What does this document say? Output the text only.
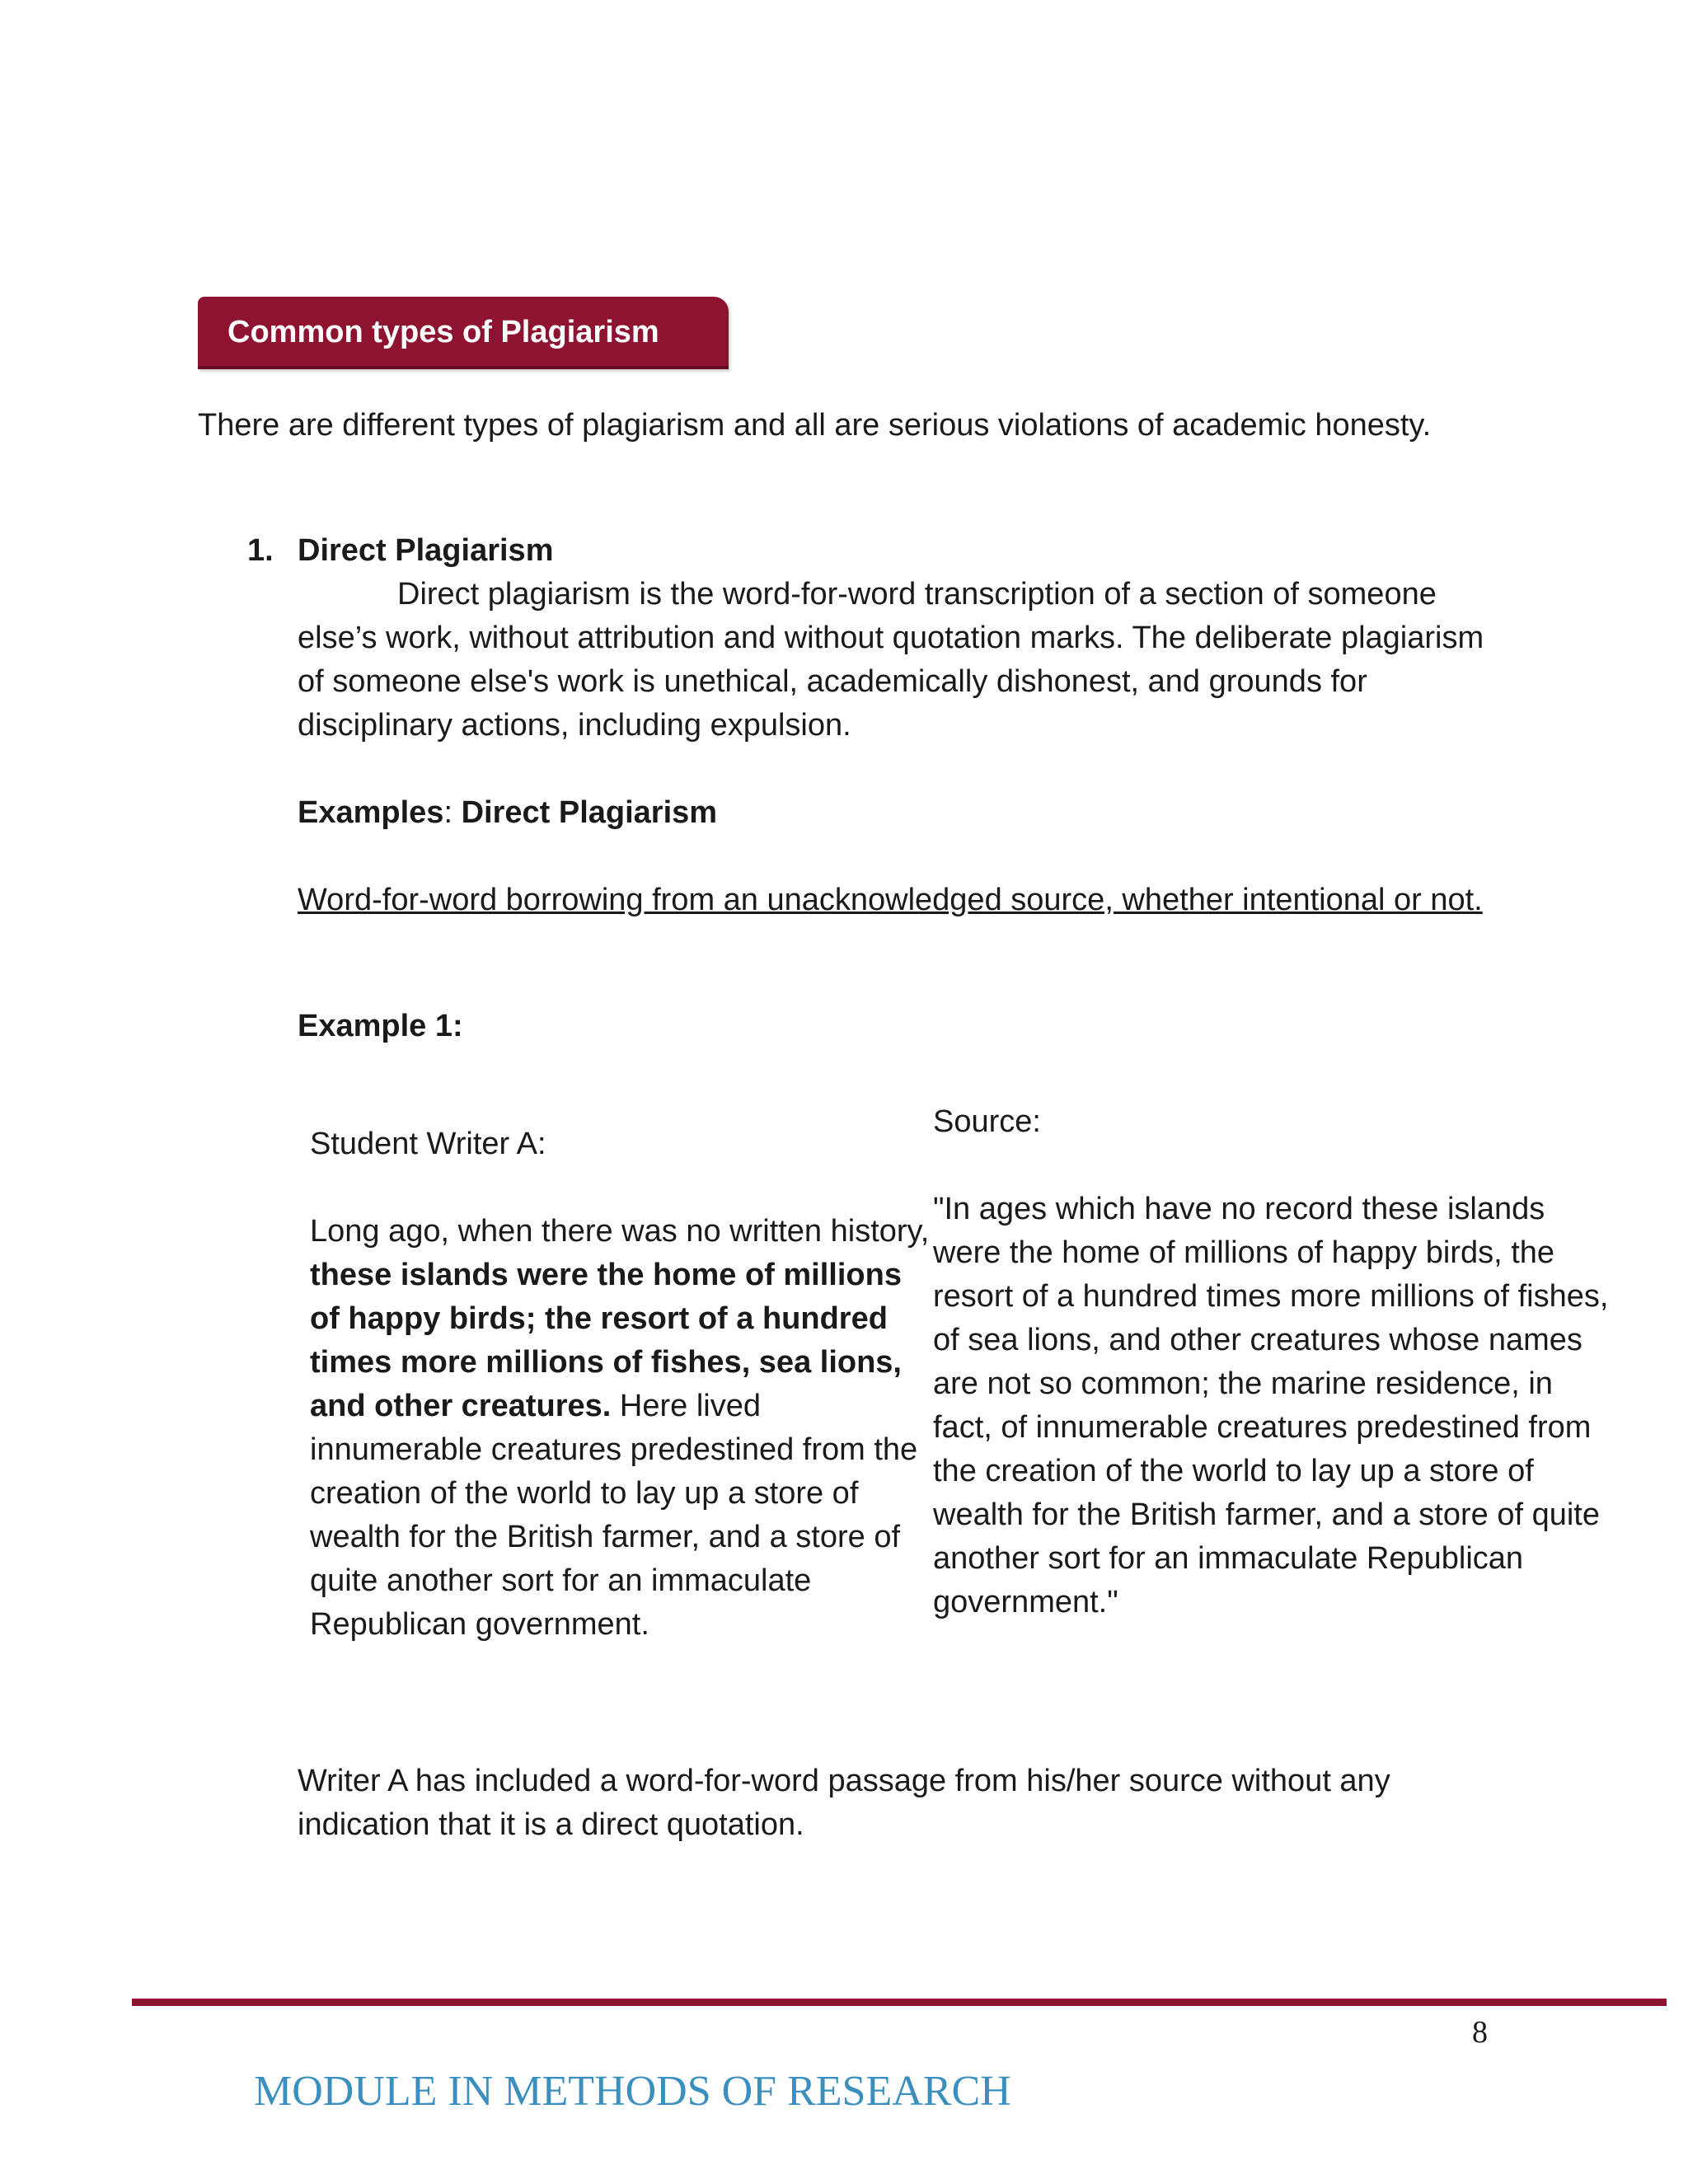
Common types of Plagiarism
There are different types of plagiarism and all are serious violations of academic honesty.
1. Direct Plagiarism
Direct plagiarism is the word-for-word transcription of a section of someone else’s work, without attribution and without quotation marks. The deliberate plagiarism of someone else's work is unethical, academically dishonest, and grounds for disciplinary actions, including expulsion.
Examples: Direct Plagiarism
Word-for-word borrowing from an unacknowledged source, whether intentional or not.
Example 1:
Student Writer A:
Long ago, when there was no written history, these islands were the home of millions of happy birds; the resort of a hundred times more millions of fishes, sea lions, and other creatures. Here lived innumerable creatures predestined from the creation of the world to lay up a store of wealth for the British farmer, and a store of quite another sort for an immaculate Republican government.
Source:
"In ages which have no record these islands were the home of millions of happy birds, the resort of a hundred times more millions of fishes, of sea lions, and other creatures whose names are not so common; the marine residence, in fact, of innumerable creatures predestined from the creation of the world to lay up a store of wealth for the British farmer, and a store of quite another sort for an immaculate Republican government."
Writer A has included a word-for-word passage from his/her source without any indication that it is a direct quotation.
8
MODULE IN METHODS OF RESEARCH
